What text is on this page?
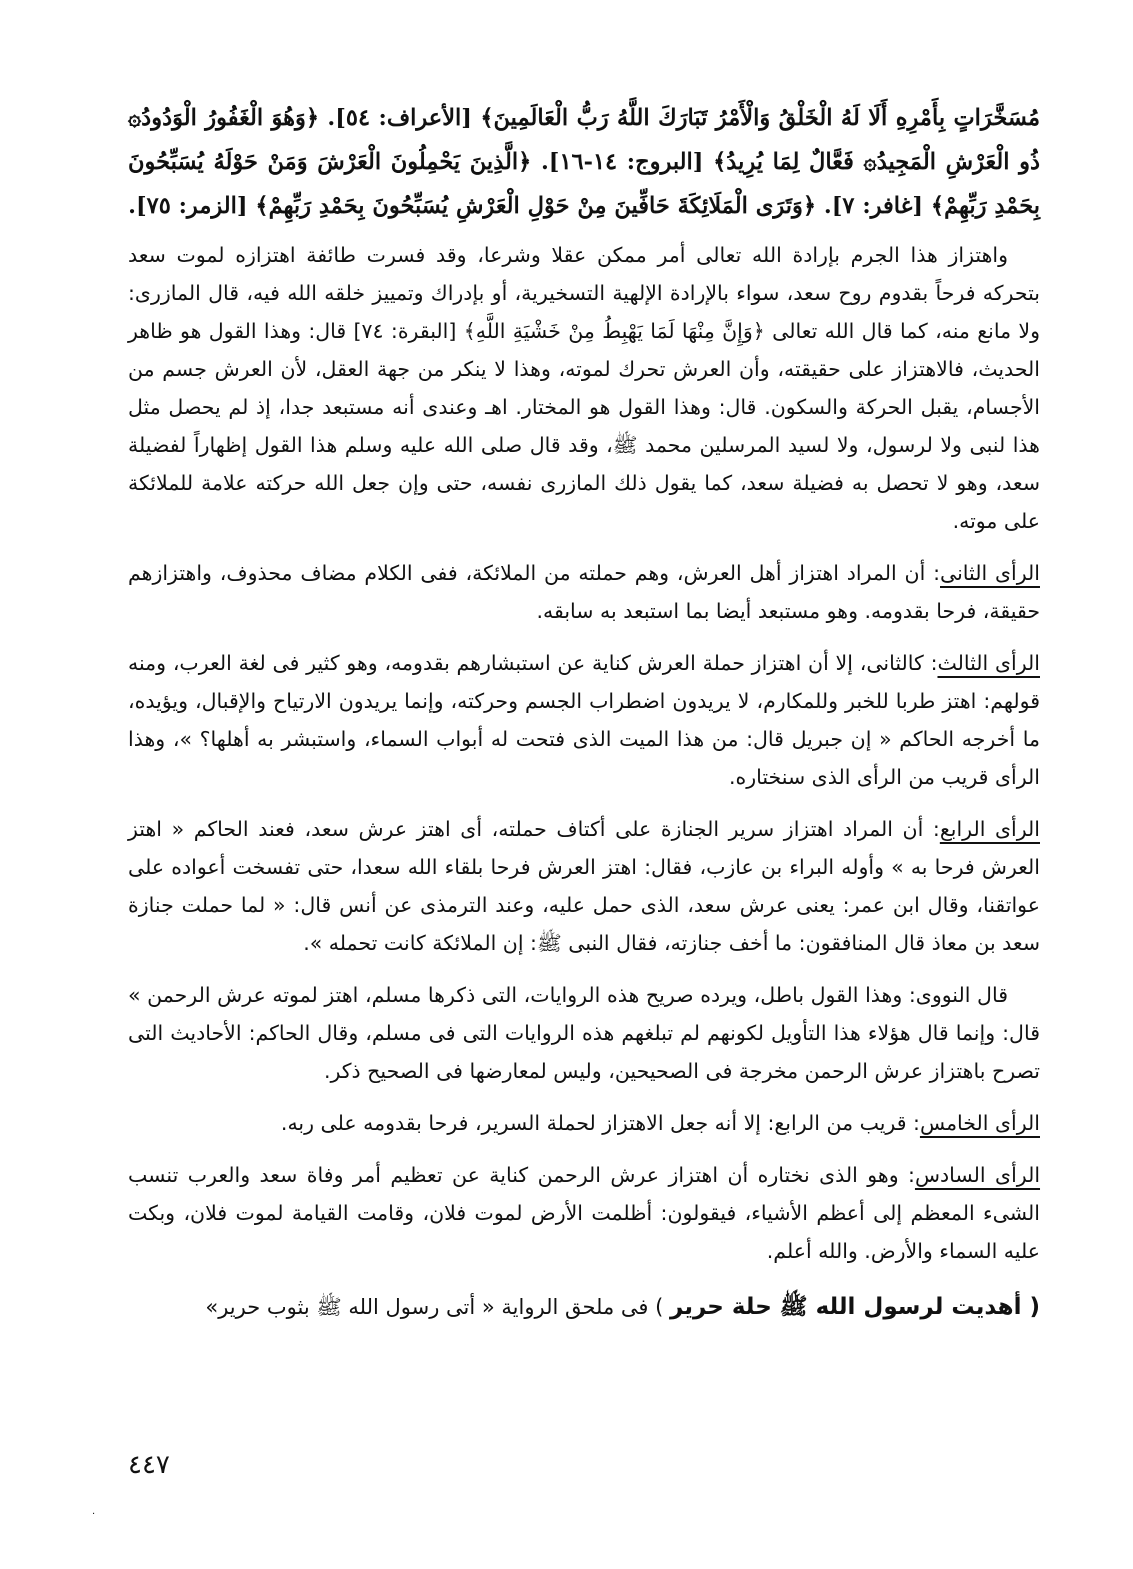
مُسَخَّرَاتٍ بِأَمْرِهِ أَلَا لَهُ الْخَلْقُ وَالْأَمْرُ تَبَارَكَ اللَّهُ رَبُّ الْعَالَمِينَ﴾ [الأعراف: ٥٤]. ﴿وَهُوَ الْغَفُورُ الْوَدُودُ۞ ذُو الْعَرْشِ الْمَجِيدُ۞ فَعَّالٌ لِمَا يُرِيدُ﴾ [البروج: ١٤-١٦]. ﴿الَّذِينَ يَحْمِلُونَ الْعَرْشَ وَمَنْ حَوْلَهُ يُسَبِّحُونَ بِحَمْدِ رَبِّهِمْ﴾ [غافر: ٧]. ﴿وَتَرَى الْمَلَائِكَةَ حَافِّينَ مِنْ حَوْلِ الْعَرْشِ يُسَبِّحُونَ بِحَمْدِ رَبِّهِمْ﴾ [الزمر: ٧٥].

واهتزاز هذا الجرم بإرادة الله تعالى أمر ممكن عقلا وشرعا، وقد فسرت طائفة اهتزازه لموت سعد بتحركه فرحاً بقدوم روح سعد، سواء بالإرادة الإلهية التسخيرية، أو بإدراك وتمييز خلقه الله فيه، قال المازرى: ولا مانع منه، كما قال الله تعالى ﴿وَإِنَّ مِنْهَا لَمَا يَهْبِطُ مِنْ خَشْيَةِ اللَّهِ﴾ [البقرة: ٧٤] قال: وهذا القول هو ظاهر الحديث، فالاهتزاز على حقيقته، وأن العرش تحرك لموته، وهذا لا ينكر من جهة العقل، لأن العرش جسم من الأجسام، يقبل الحركة والسكون. قال: وهذا القول هو المختار. اهـ وعندى أنه مستبعد جدا، إذ لم يحصل مثل هذا لنبى ولا لرسول، ولا لسيد المرسلين محمد ﷺ، وقد قال صلى الله عليه وسلم هذا القول إظهاراً لفضيلة سعد، وهو لا تحصل به فضيلة سعد، كما يقول ذلك المازرى نفسه، حتى وإن جعل الله حركته علامة للملائكة على موته.

الرأى الثانى: أن المراد اهتزاز أهل العرش، وهم حملته من الملائكة، ففى الكلام مضاف محذوف، واهتزازهم حقيقة، فرحا بقدومه. وهو مستبعد أيضا بما استبعد به سابقه.

الرأى الثالث: كالثانى، إلا أن اهتزاز حملة العرش كناية عن استبشارهم بقدومه، وهو كثير فى لغة العرب، ومنه قولهم: اهتز طربا للخبر وللمكارم، لا يريدون اضطراب الجسم وحركته، وإنما يريدون الارتياح والإقبال، ويؤيده، ما أخرجه الحاكم « إن جبريل قال: من هذا الميت الذى فتحت له أبواب السماء، واستبشر به أهلها؟ »، وهذا الرأى قريب من الرأى الذى سنختاره.

الرأى الرابع: أن المراد اهتزاز سرير الجنازة على أكتاف حملته، أى اهتز عرش سعد، فعند الحاكم « اهتز العرش فرحا به » وأوله البراء بن عازب، فقال: اهتز العرش فرحا بلقاء الله سعدا، حتى تفسخت أعواده على عواتقنا، وقال ابن عمر: يعنى عرش سعد، الذى حمل عليه، وعند الترمذى عن أنس قال: « لما حملت جنازة سعد بن معاذ قال المنافقون: ما أخف جنازته، فقال النبى ﷺ: إن الملائكة كانت تحمله ».

قال النووى: وهذا القول باطل، ويرده صريح هذه الروايات، التى ذكرها مسلم، اهتز لموته عرش الرحمن » قال: وإنما قال هؤلاء هذا التأويل لكونهم لم تبلغهم هذه الروايات التى فى مسلم، وقال الحاكم: الأحاديث التى تصرح باهتزاز عرش الرحمن مخرجة فى الصحيحين، وليس لمعارضها فى الصحيح ذكر.

الرأى الخامس: قريب من الرابع: إلا أنه جعل الاهتزاز لحملة السرير، فرحا بقدومه على ربه.

الرأى السادس: وهو الذى نختاره أن اهتزاز عرش الرحمن كناية عن تعظيم أمر وفاة سعد والعرب تنسب الشىء المعظم إلى أعظم الأشياء، فيقولون: أظلمت الأرض لموت فلان، وقامت القيامة لموت فلان، وبكت عليه السماء والأرض. والله أعلم.

( أهديت لرسول الله ﷺ حلة حرير ) فى ملحق الرواية « أتى رسول الله ﷺ بثوب حرير»

٤٤٧
.
